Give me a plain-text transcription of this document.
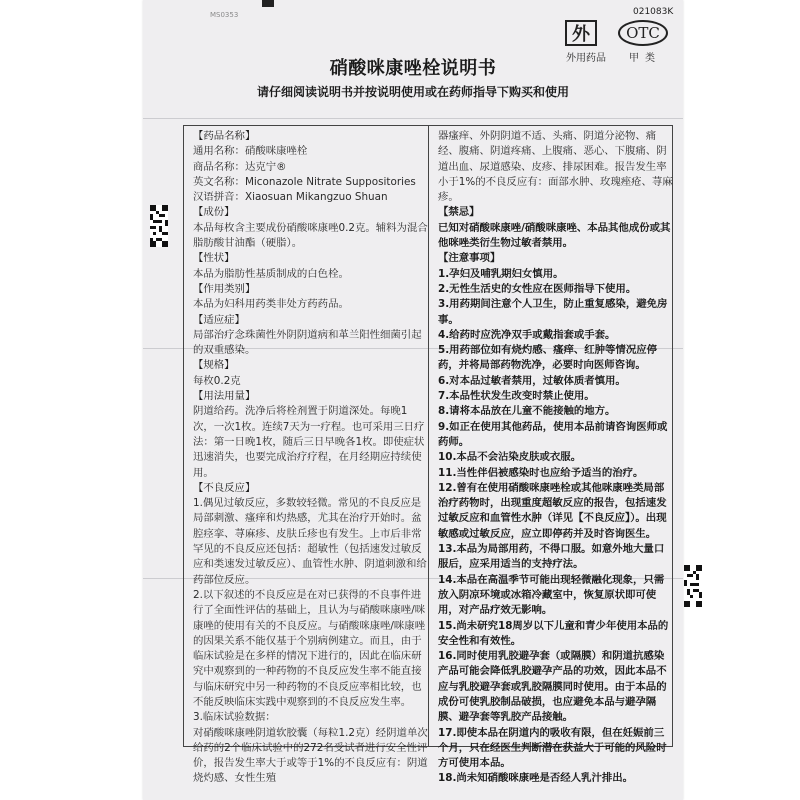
MS0353	021083K
外	OTC
外用药品 甲类
硝酸咪康唑栓说明书
请仔细阅读说明书并按说明使用或在药师指导下购买和使用

【药品名称】

通用名称：硝酸咪康唑栓

商品名称：达克宁®

英文名称：Miconazole Nitrate Suppositories

汉语拼音：Xiaosuan Mikangzuo Shuan

【成份】

本品每枚含主要成份硝酸咪康唑0.2克。辅料为混合脂肪酸甘油酯（硬脂）。

【性状】

本品为脂肪性基质制成的白色栓。

【作用类别】

本品为妇科用药类非处方药药品。

【适应症】

局部治疗念珠菌性外阴阴道病和革兰阳性细菌引起的双重感染。

【规格】

每枚0.2克

【用法用量】

阴道给药。洗净后将栓剂置于阴道深处。每晚1次，一次1枚。连续7天为一疗程。也可采用三日疗法：第一日晚1枚，随后三日早晚各1枚。即使症状迅速消失，也要完成治疗疗程，在月经期应持续使用。

【不良反应】

1.偶见过敏反应，多数较轻微。常见的不良反应是局部刺激、瘙痒和灼热感，尤其在治疗开始时。盆腔痉挛、荨麻疹、皮肤丘疹也有发生。上市后非常罕见的不良反应还包括：超敏性（包括速发过敏反应和类速发过敏反应）、血管性水肿、阴道刺激和给药部位反应。

2.以下叙述的不良反应是在对已获得的不良事件进行了全面性评估的基础上，且认为与硝酸咪康唑/咪康唑的使用有关的不良反应。与硝酸咪康唑/咪康唑的因果关系不能仅基于个别病例建立。而且，由于临床试验是在多样的情况下进行的，因此在临床研究中观察到的一种药物的不良反应发生率不能直接与临床研究中另一种药物的不良反应率相比较，也不能反映临床实践中观察到的不良反应发生率。

3.临床试验数据：

对硝酸咪康唑阴道软胶囊（每粒1.2克）经阴道单次给药的2个临床试验中的272名受试者进行安全性评价，报告发生率大于或等于1%的不良反应有：阴道烧灼感、女性生殖

器瘙痒、外阴阴道不适、头痛、阴道分泌物、痛经、腹痛、阴道疼痛、上腹痛、恶心、下腹痛、阴道出血、尿道感染、皮疹、排尿困难。报告发生率小于1%的不良反应有：面部水肿、玫瑰痤疮、荨麻疹。

【禁忌】

已知对硝酸咪康唑/硝酸咪康唑、本品其他成份或其他咪唑类衍生物过敏者禁用。

【注意事项】

1.孕妇及哺乳期妇女慎用。

2.无性生活史的女性应在医师指导下使用。

3.用药期间注意个人卫生，防止重复感染，避免房事。

4.给药时应洗净双手或戴指套或手套。

5.用药部位如有烧灼感、瘙痒、红肿等情况应停药，并将局部药物洗净，必要时向医师咨询。

6.对本品过敏者禁用，过敏体质者慎用。

7.本品性状发生改变时禁止使用。

8.请将本品放在儿童不能接触的地方。

9.如正在使用其他药品，使用本品前请咨询医师或药师。

10.本品不会沾染皮肤或衣服。

11.当性伴侣被感染时也应给予适当的治疗。

12.曾有在使用硝酸咪康唑栓或其他咪康唑类局部治疗药物时，出现重度超敏反应的报告，包括速发过敏反应和血管性水肿（详见【不良反应】）。出现敏感或过敏反应，应立即停药并及时咨询医生。

13.本品为局部用药，不得口服。如意外地大量口服后，应采用适当的支持疗法。

14.本品在高温季节可能出现轻微融化现象，只需放入阴凉环境或冰箱冷藏室中，恢复原状即可使用，对产品疗效无影响。

15.尚未研究18周岁以下儿童和青少年使用本品的安全性和有效性。

16.同时使用乳胶避孕套（或隔膜）和阴道抗感染产品可能会降低乳胶避孕产品的功效，因此本品不应与乳胶避孕套或乳胶隔膜同时使用。由于本品的成份可使乳胶制品破损，也应避免本品与避孕隔膜、避孕套等乳胶产品接触。

17.即使本品在阴道内的吸收有限，但在妊娠前三个月，只在经医生判断潜在获益大于可能的风险时方可使用本品。

18.尚未知硝酸咪康唑是否经人乳汁排出。
